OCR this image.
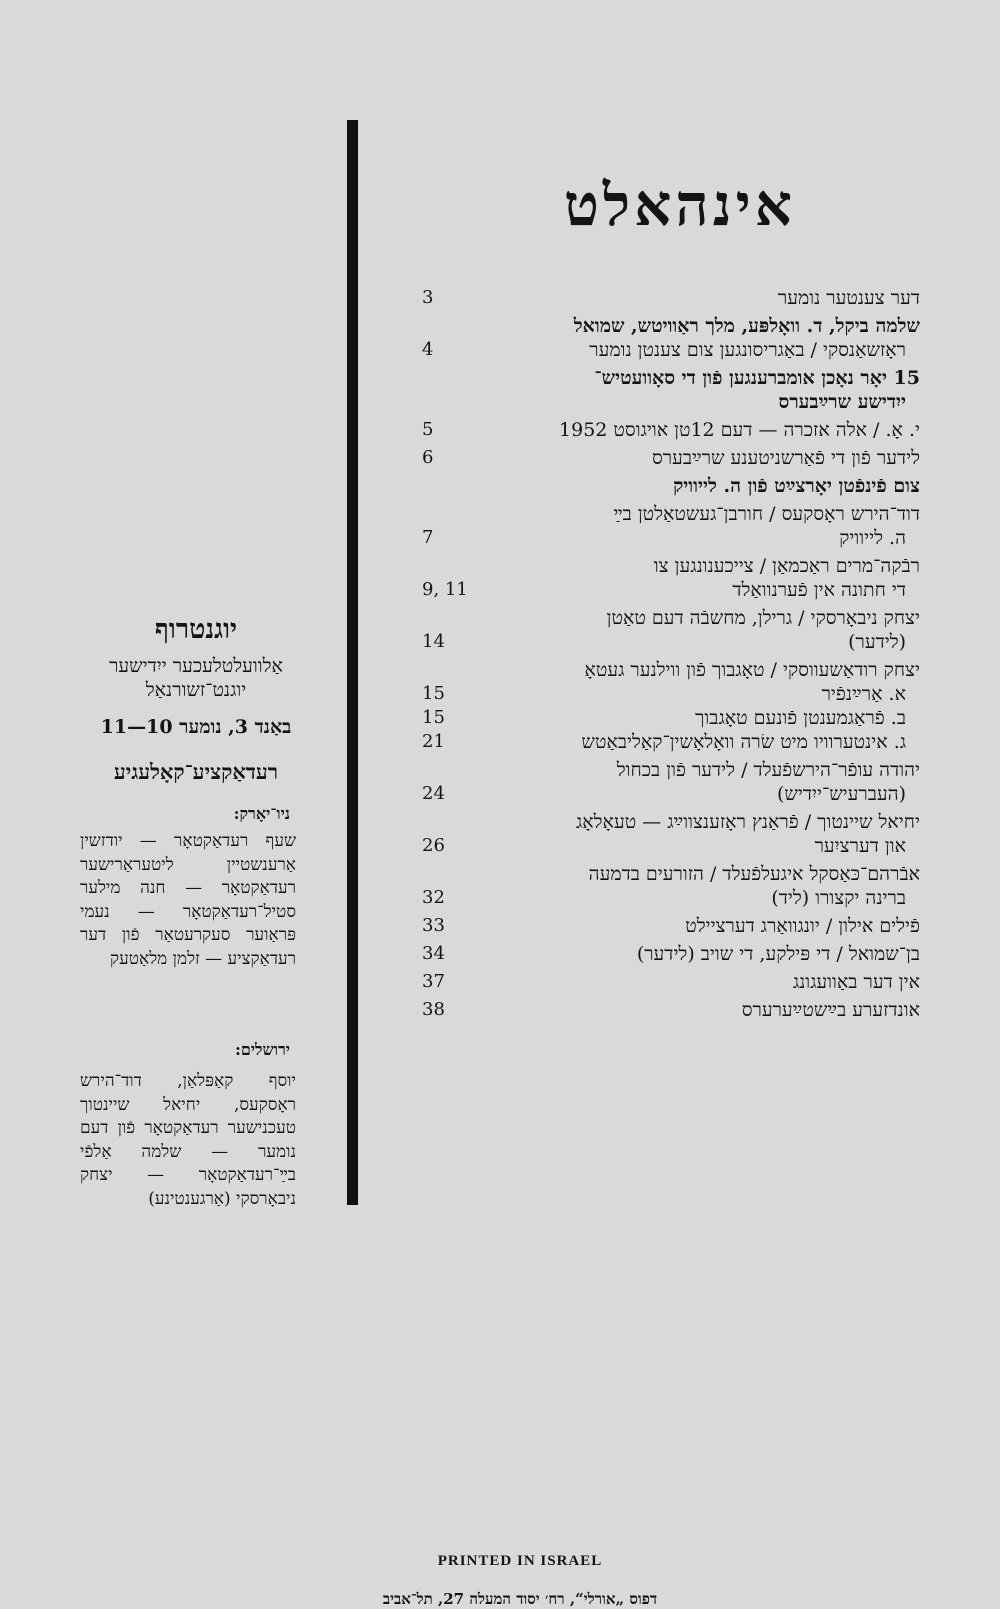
אינהאלט
דער צענטער נומער
3
שלמה ביקל, ד. וואָלפּע, מלך ראַוויטש, שמואל
ראָזשאַנסקי / באַגריסונגען צום צענטן נומער
4
15 יאָר נאָכן אומברענגען פֿון די סאָוועטיש־
ייִדישע שרײַבערס
י. אָ. / אלה אזכרה — דעם 12טן אויגוסט 1952
5
לידער פֿון די פֿאַרשניטענע שרײַבערס
6
צום פֿינפֿטן יאָרצײַט פֿון ה. לייוויק
דוד־הירש ראָסקעס / חורבן־געשטאַלטן בײַ
ה. לייוויק
7
רבֿקה־מרים ראַכמאַן / צייכענונגען צו
די חתונה אין פֿערנוואַלד
9, 11
יצחק ניבאָרסקי / גרילן, מחשבֿה דעם טאַטן
(לידער)
14
יצחק רודאַשעווסקי / טאָגבוך פֿון ווילנער געטאָ
א. אַרײַנפֿיר
15
ב. פֿראַגמענטן פֿונעם טאָגבוך
15
ג. אינטערוויו מיט שׂרה וואָלאָשין־קאַליבאַטש
21
יהודה עופֿר־הירשפֿעלד / לידער פֿון בכחול
(העברעיש־ייִדיש)
24
יחיאל שיינטוך / פֿראַנץ ראָזענצווײַג — טעאָלאָג
און דערציִער
26
אבֿרהם־כּאַסקל איגעלפֿעלד / הזורעים בדמעה
ברינה יקצורו (ליד)
32
פֿילים אילון / יונגוואַרג דערציילט
33
בן־שמואל / די פּילקע, די שויב (לידער)
34
אין דער באַוועגונג
37
אונדזערע בײַשטײַערערס
38
יוגנטרוף
אַלוועלטלעכער ייִדישער
יוגנט־זשורנאַל
באַנד 3, נומער 10—11
רעדאַקציע־קאָלעגיע
ניו־יאָרק:
שעף רעדאַקטאָר — יודזשין אַרענשטיין ליטעראַרישער רעדאַקטאָר — חנה מילער סטיל־רעדאַקטאָר — נעמי פּראַוער סעקרעטאַר פֿון דער רעדאַקציע — זלמן מלאַטעק
ירושלים:
יוסף קאַפּלאַן, דוד־הירש ראָסקעס, יחיאל שיינטוך טעכנישער רעדאַקטאָר פֿון דעם נומער — שלמה אַלפֿי בײַ־רעדאַקטאָר — יצחק ניבאָרסקי (אַרגענטינע)
PRINTED IN ISRAEL
דפוס „אורלי“, רח׳ יסוד המעלה 27, תל־אביב
